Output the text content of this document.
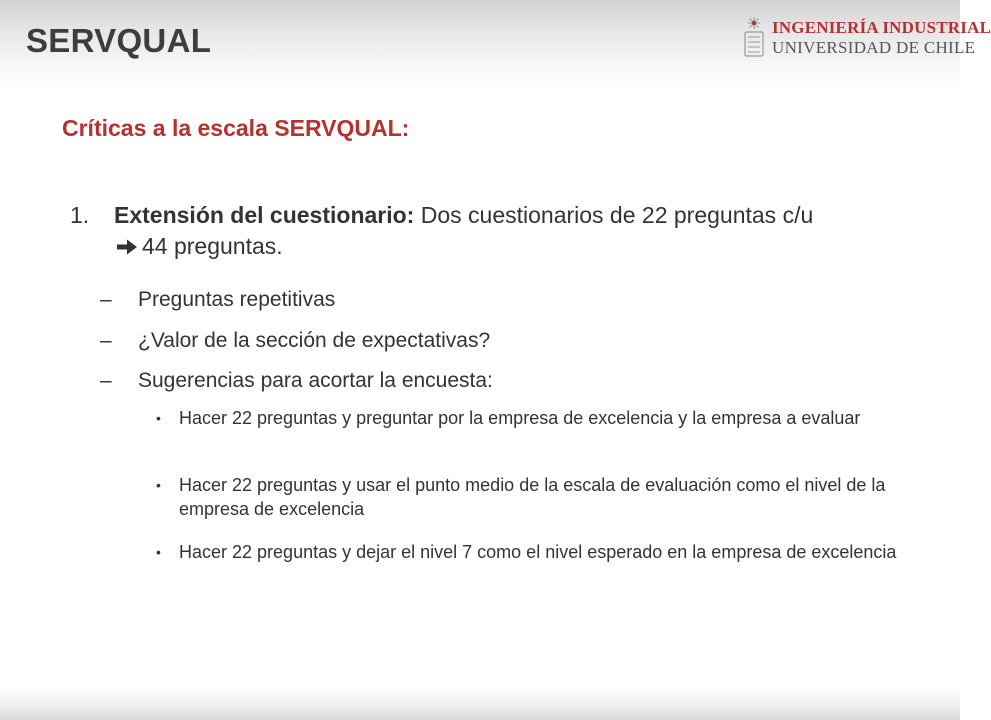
SERVQUAL	INGENIERÍA INDUSTRIAL
UNIVERSIDAD DE CHILE
Críticas a la escala SERVQUAL:
1. Extensión del cuestionario: Dos cuestionarios de 22 preguntas c/u 44 preguntas.
– Preguntas repetitivas
– ¿Valor de la sección de expectativas?
– Sugerencias para acortar la encuesta:
• Hacer 22 preguntas y preguntar por la empresa de excelencia y la empresa a evaluar
• Hacer 22 preguntas y usar el punto medio de la escala de evaluación como el nivel de la empresa de excelencia
• Hacer 22 preguntas y dejar el nivel 7 como el nivel esperado en la empresa de excelencia
